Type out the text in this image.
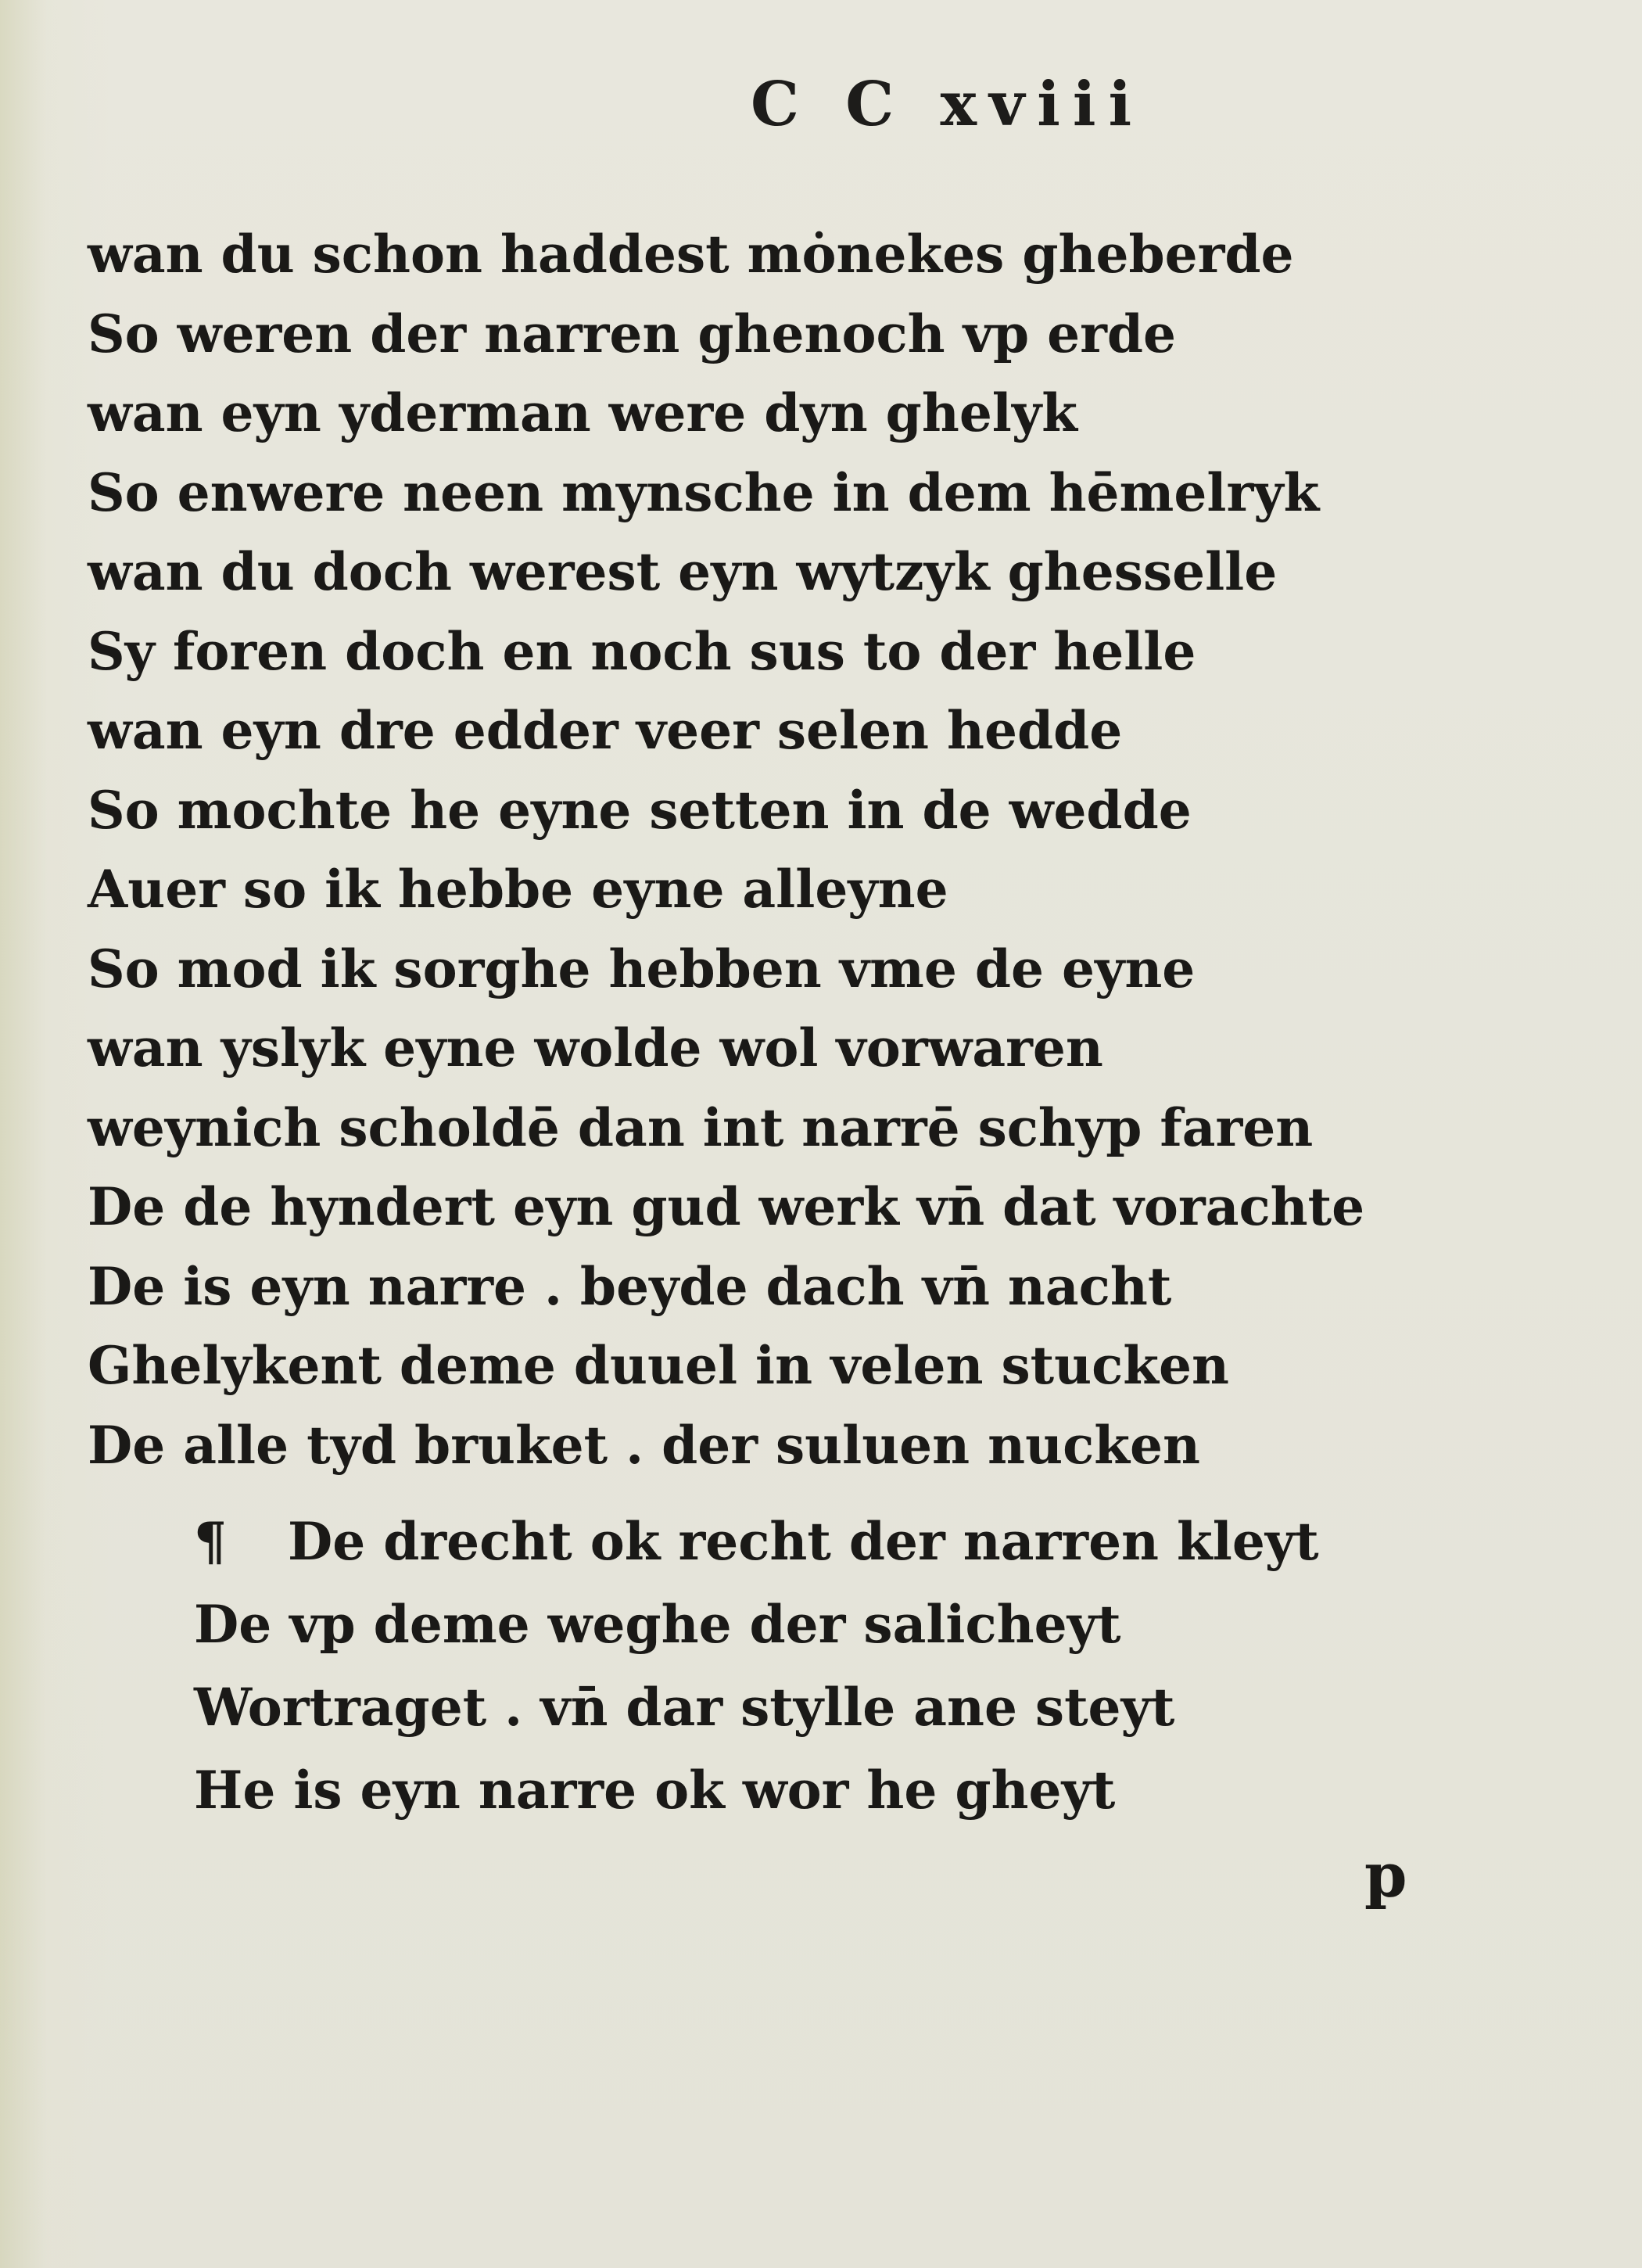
C C xviii
wan du schon haddest mȯnekes gheberde
So weren der narren ghenoch vp erde
wan eyn yderman were dyn ghelyk
So enwere neen mynsche in dem hēmelryk
wan du doch werest eyn wytzyk ghesselle
Sy foren doch en noch sus to der helle
wan eyn dre edder veer selen hedde
So mochte he eyne setten in de wedde
Auer so ik hebbe eyne alleyne
So mod ik sorghe hebben vme de eyne
wan yslyk eyne wolde wol vorwaren
weynich scholdē dan int narrē schyp faren
De de hyndert eyn gud werk vn̄ dat vorachte
De is eyn narre . beyde dach vn̄ nacht
Ghelykent deme duuel in velen stucken
De alle tyd bruket . der suluen nucken
¶ De drecht ok recht der narren kleyt
De vp deme weghe der salicheyt
Wortraget . vn̄ dar stylle ane steyt
He is eyn narre ok wor he gheyt
p
